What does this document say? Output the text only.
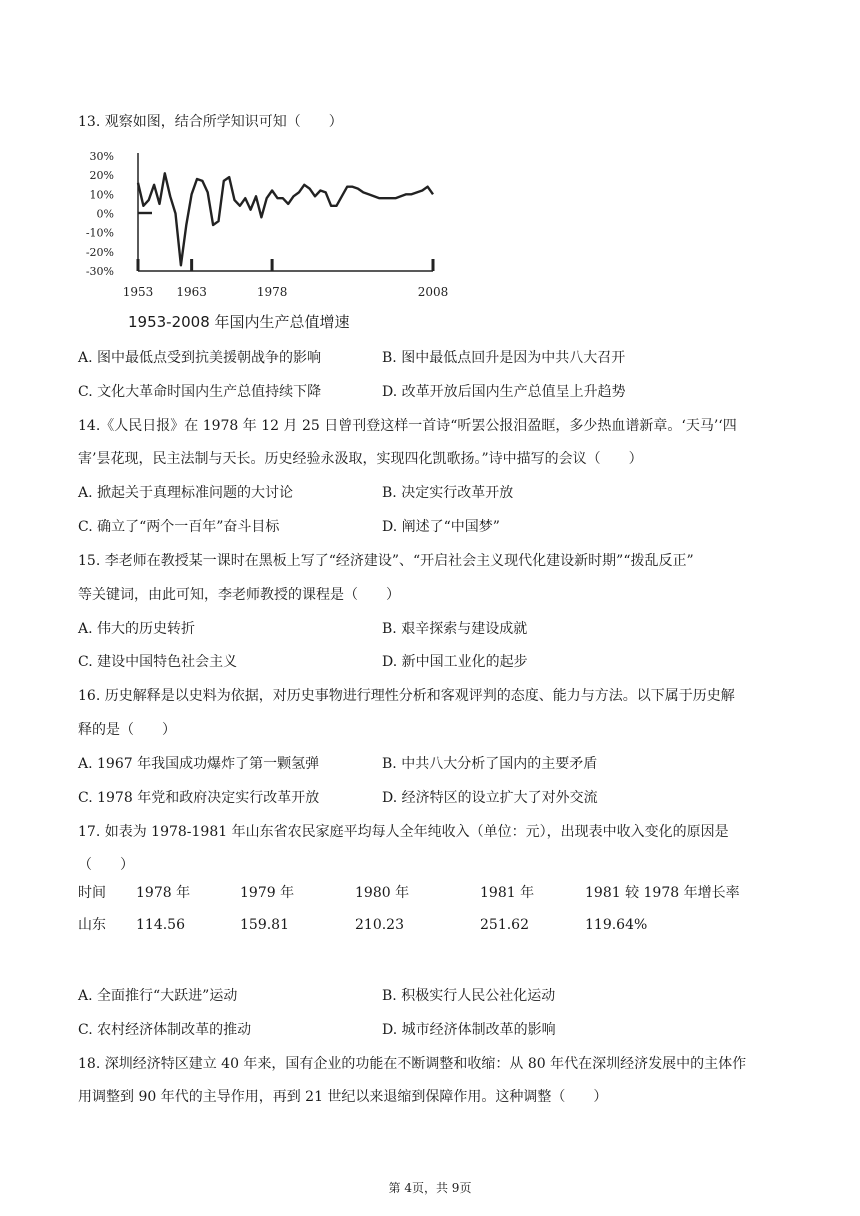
13. 观察如图，结合所学知识可知（　　）
30%
20%
10%
0%
-10%
-20%
-30%
1953 1963	1978	2008
1953-2008 年国内生产总值增速
A. 图中最低点受到抗美援朝战争的影响	B. 图中最低点回升是因为中共八大召开
C. 文化大革命时国内生产总值持续下降	D. 改革开放后国内生产总值呈上升趋势
14.《人民日报》在 1978 年 12 月 25 日曾刊登这样一首诗“听罢公报泪盈眶，多少热血谱新章。‘天马’‘四
害’昙花现，民主法制与天长。历史经验永汲取，实现四化凯歌扬。”诗中描写的会议（　　）
A. 掀起关于真理标准问题的大讨论	B. 决定实行改革开放
C. 确立了“两个一百年”奋斗目标	D. 阐述了“中国梦”
15. 李老师在教授某一课时在黑板上写了“经济建设”、“开启社会主义现代化建设新时期”“拨乱反正”
等关键词，由此可知，李老师教授的课程是（　　）
A. 伟大的历史转折	B. 艰辛探索与建设成就
C. 建设中国特色社会主义	D. 新中国工业化的起步
16. 历史解释是以史料为依据，对历史事物进行理性分析和客观评判的态度、能力与方法。以下属于历史解
释的是（　　）
A. 1967 年我国成功爆炸了第一颗氢弹	B. 中共八大分析了国内的主要矛盾
C. 1978 年党和政府决定实行改革开放	D. 经济特区的设立扩大了对外交流
17. 如表为 1978-1981 年山东省农民家庭平均每人全年纯收入（单位：元），出现表中收入变化的原因是
（　　）
时间 1978 年	1979 年	1980 年	1981 年	1981 较 1978 年增长率
山东 114.56	159.81	210.23	251.62	119.64%
A. 全面推行“大跃进”运动	B. 积极实行人民公社化运动
C. 农村经济体制改革的推动	D. 城市经济体制改革的影响
18. 深圳经济特区建立 40 年来，国有企业的功能在不断调整和收缩：从 80 年代在深圳经济发展中的主体作
用调整到 90 年代的主导作用，再到 21 世纪以来退缩到保障作用。这种调整（　　）
第 4页，共 9页
